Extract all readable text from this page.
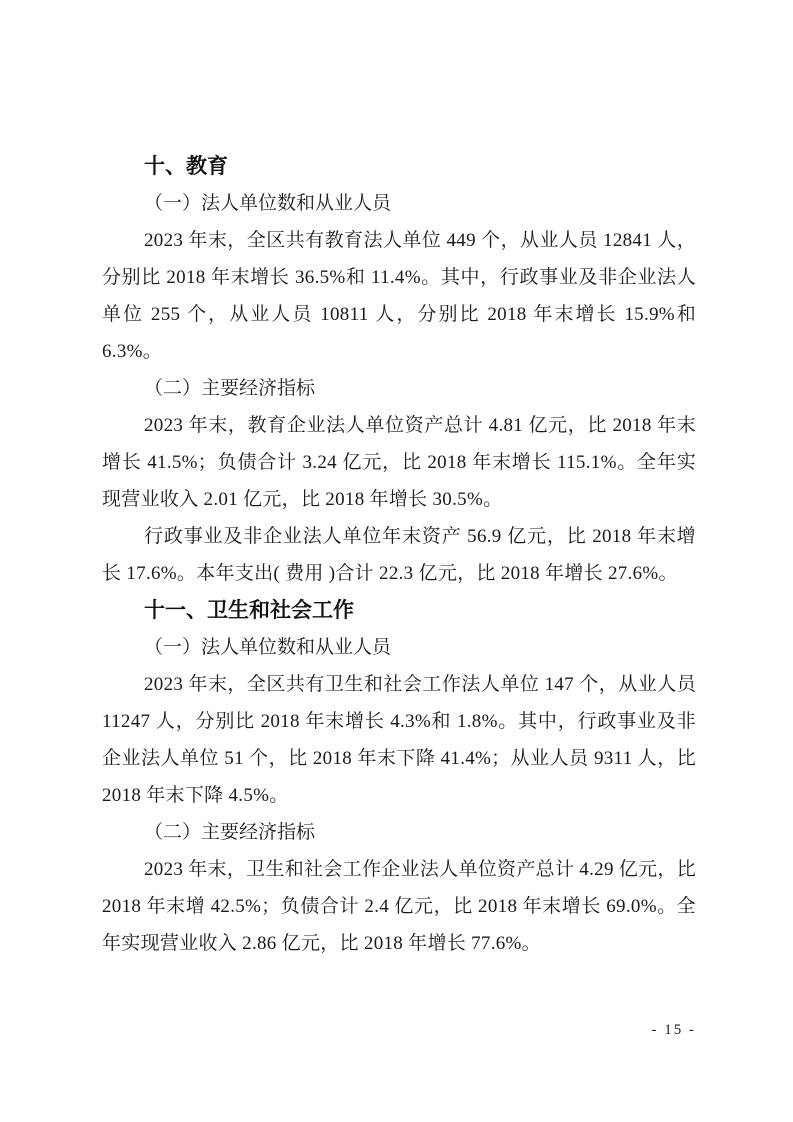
十、教育
（一）法人单位数和从业人员

2023 年末，全区共有教育法人单位 449 个，从业人员 12841 人，分别比 2018 年末增长 36.5%和 11.4%。其中，行政事业及非企业法人单位 255 个，从业人员 10811 人，分别比 2018 年末增长 15.9%和 6.3%。

（二）主要经济指标

2023 年末，教育企业法人单位资产总计 4.81 亿元，比 2018 年末增长 41.5%；负债合计 3.24 亿元，比 2018 年末增长 115.1%。全年实现营业收入 2.01 亿元，比 2018 年增长 30.5%。

行政事业及非企业法人单位年末资产 56.9 亿元，比 2018 年末增长 17.6%。本年支出( 费用 )合计 22.3 亿元，比 2018 年增长 27.6%。

十一、卫生和社会工作
（一）法人单位数和从业人员

2023 年末，全区共有卫生和社会工作法人单位 147 个，从业人员 11247 人，分别比 2018 年末增长 4.3%和 1.8%。其中，行政事业及非企业法人单位 51 个，比 2018 年末下降 41.4%；从业人员 9311 人，比 2018 年末下降 4.5%。

（二）主要经济指标

2023 年末，卫生和社会工作企业法人单位资产总计 4.29 亿元，比 2018 年末增 42.5%；负债合计 2.4 亿元，比 2018 年末增长 69.0%。全年实现营业收入 2.86 亿元，比 2018 年增长 77.6%。

- 15 -
